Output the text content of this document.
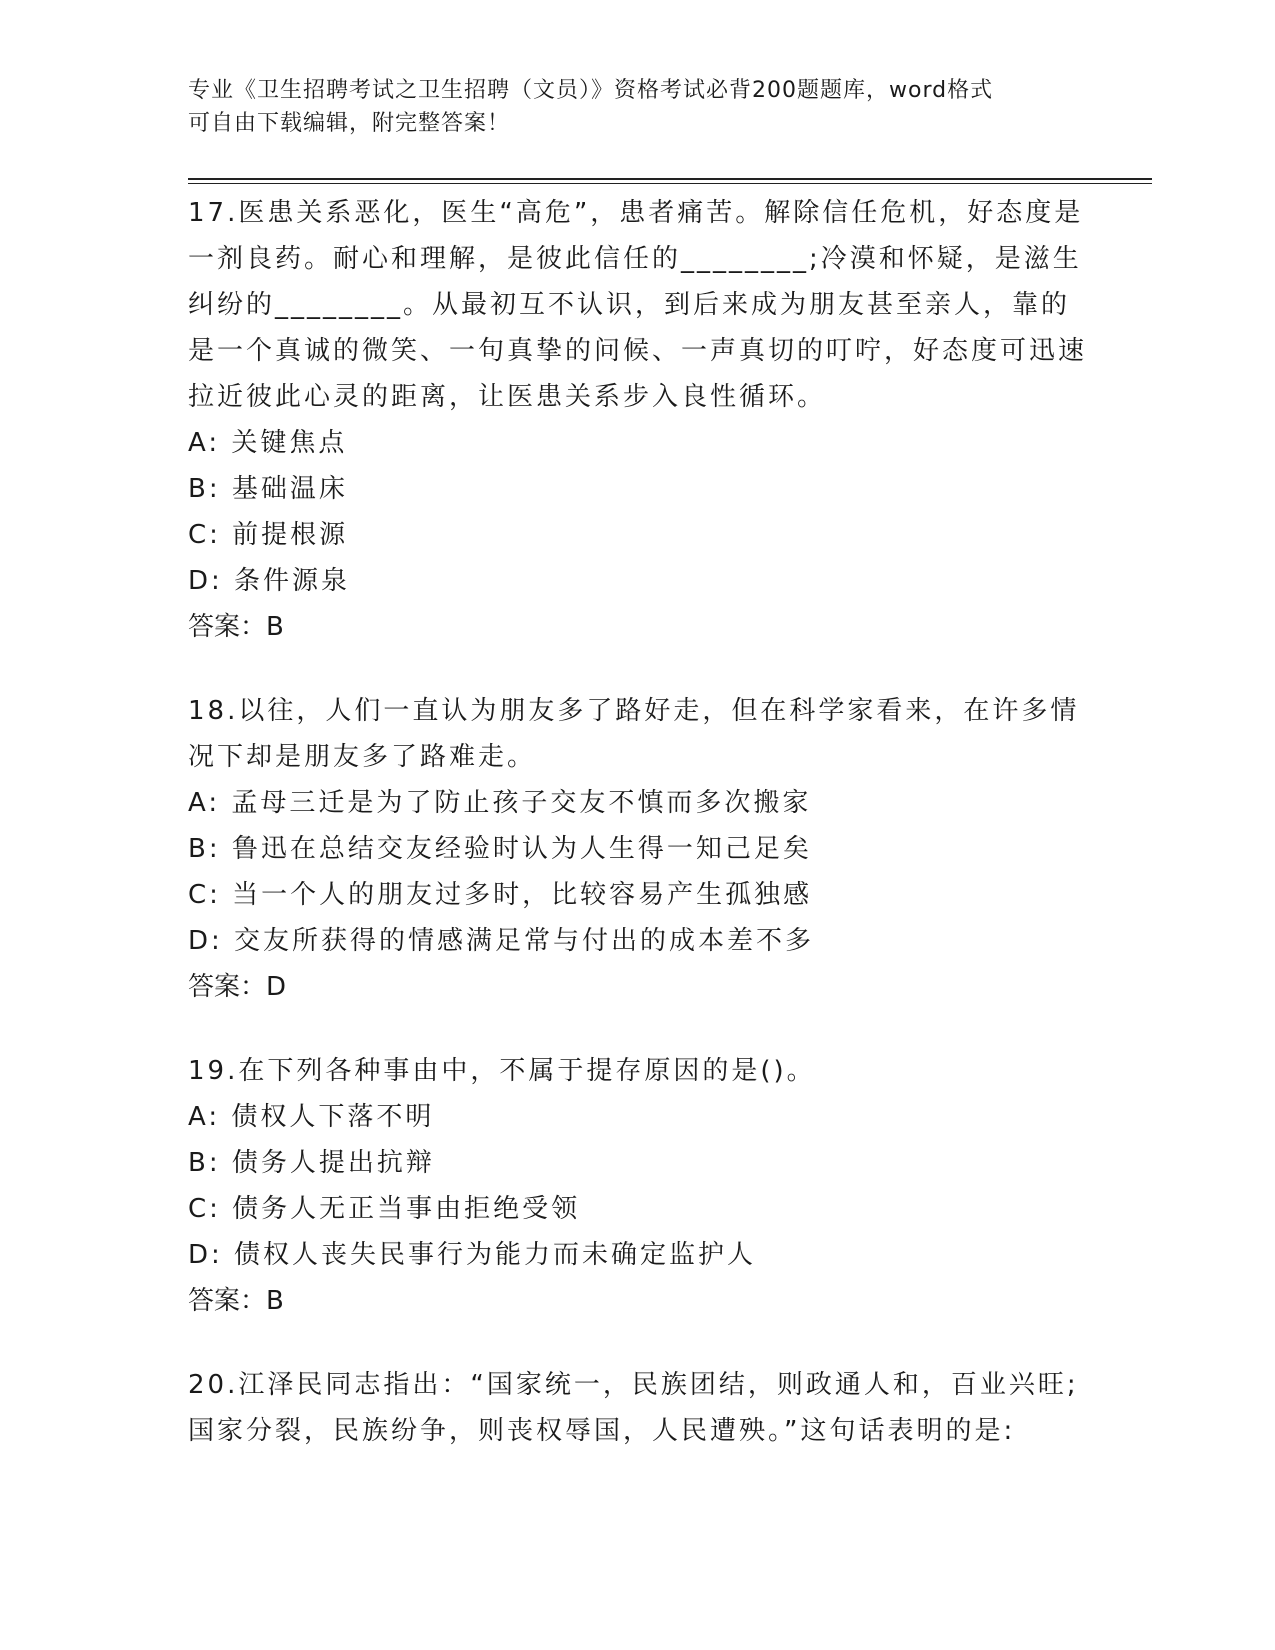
专业《卫生招聘考试之卫生招聘（文员）》资格考试必背200题题库，word格式
可自由下载编辑，附完整答案！

17.医患关系恶化，医生“高危”，患者痛苦。解除信任危机，好态度是一剂良药。耐心和理解，是彼此信任的________;冷漠和怀疑，是滋生纠纷的________。从最初互不认识，到后来成为朋友甚至亲人，靠的是一个真诚的微笑、一句真挚的问候、一声真切的叮咛，好态度可迅速拉近彼此心灵的距离，让医患关系步入良性循环。

A: 关键焦点

B: 基础温床

C: 前提根源

D: 条件源泉

答案：B

18.以往，人们一直认为朋友多了路好走，但在科学家看来，在许多情况下却是朋友多了路难走。

A: 孟母三迁是为了防止孩子交友不慎而多次搬家

B: 鲁迅在总结交友经验时认为人生得一知己足矣

C: 当一个人的朋友过多时，比较容易产生孤独感

D: 交友所获得的情感满足常与付出的成本差不多

答案：D

19.在下列各种事由中，不属于提存原因的是()。

A: 债权人下落不明

B: 债务人提出抗辩

C: 债务人无正当事由拒绝受领

D: 债权人丧失民事行为能力而未确定监护人

答案：B

20.江泽民同志指出：“国家统一，民族团结，则政通人和，百业兴旺;国家分裂，民族纷争，则丧权辱国，人民遭殃。”这句话表明的是:
